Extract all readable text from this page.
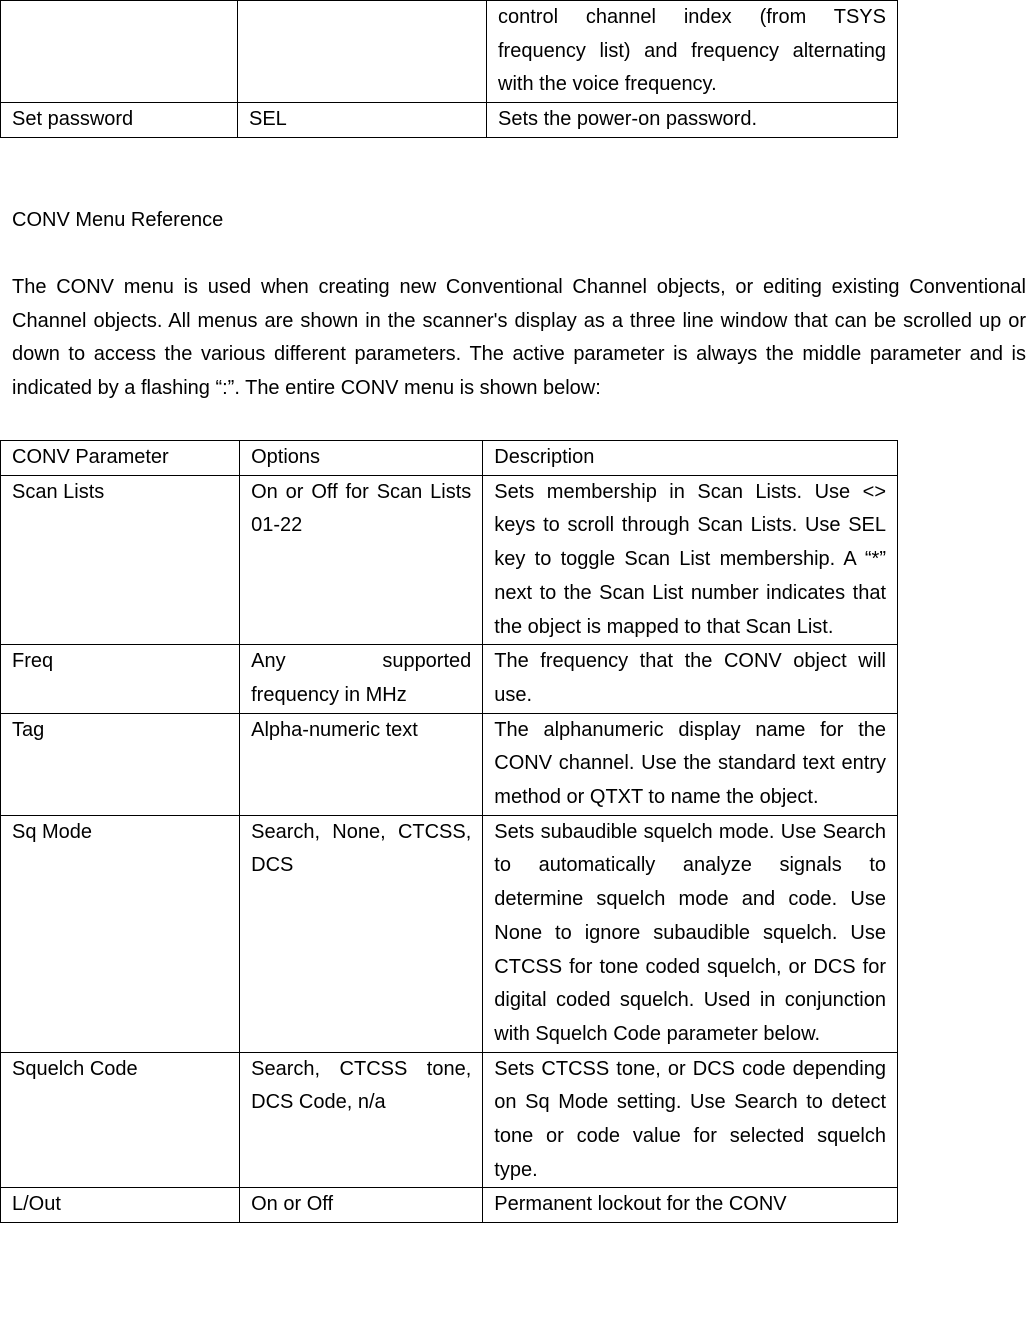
		control channel index (from TSYS frequency list) and frequency alternating with the voice frequency.
Set password	SEL	Sets the power-on password.
CONV Menu Reference

The CONV menu is used when creating new Conventional Channel objects, or editing existing Conventional Channel objects. All menus are shown in the scanner's display as a three line window that can be scrolled up or down to access the various different parameters. The active parameter is always the middle parameter and is indicated by a flashing “:”. The entire CONV menu is shown below:

CONV Parameter	Options	Description
Scan Lists	On or Off for Scan Lists 01-22	Sets membership in Scan Lists. Use <> keys to scroll through Scan Lists. Use SEL key to toggle Scan List membership. A “*” next to the Scan List number indicates that the object is mapped to that Scan List.
Freq	Any supported frequency in MHz	The frequency that the CONV object will use.
Tag	Alpha-numeric text	The alphanumeric display name for the CONV channel. Use the standard text entry method or QTXT to name the object.
Sq Mode	Search, None, CTCSS, DCS	Sets subaudible squelch mode. Use Search to automatically analyze signals to determine squelch mode and code. Use None to ignore subaudible squelch. Use CTCSS for tone coded squelch, or DCS for digital coded squelch. Used in conjunction with Squelch Code parameter below.
Squelch Code	Search, CTCSS tone, DCS Code, n/a	Sets CTCSS tone, or DCS code depending on Sq Mode setting. Use Search to detect tone or code value for selected squelch type.
L/Out	On or Off	Permanent lockout for the CONV
